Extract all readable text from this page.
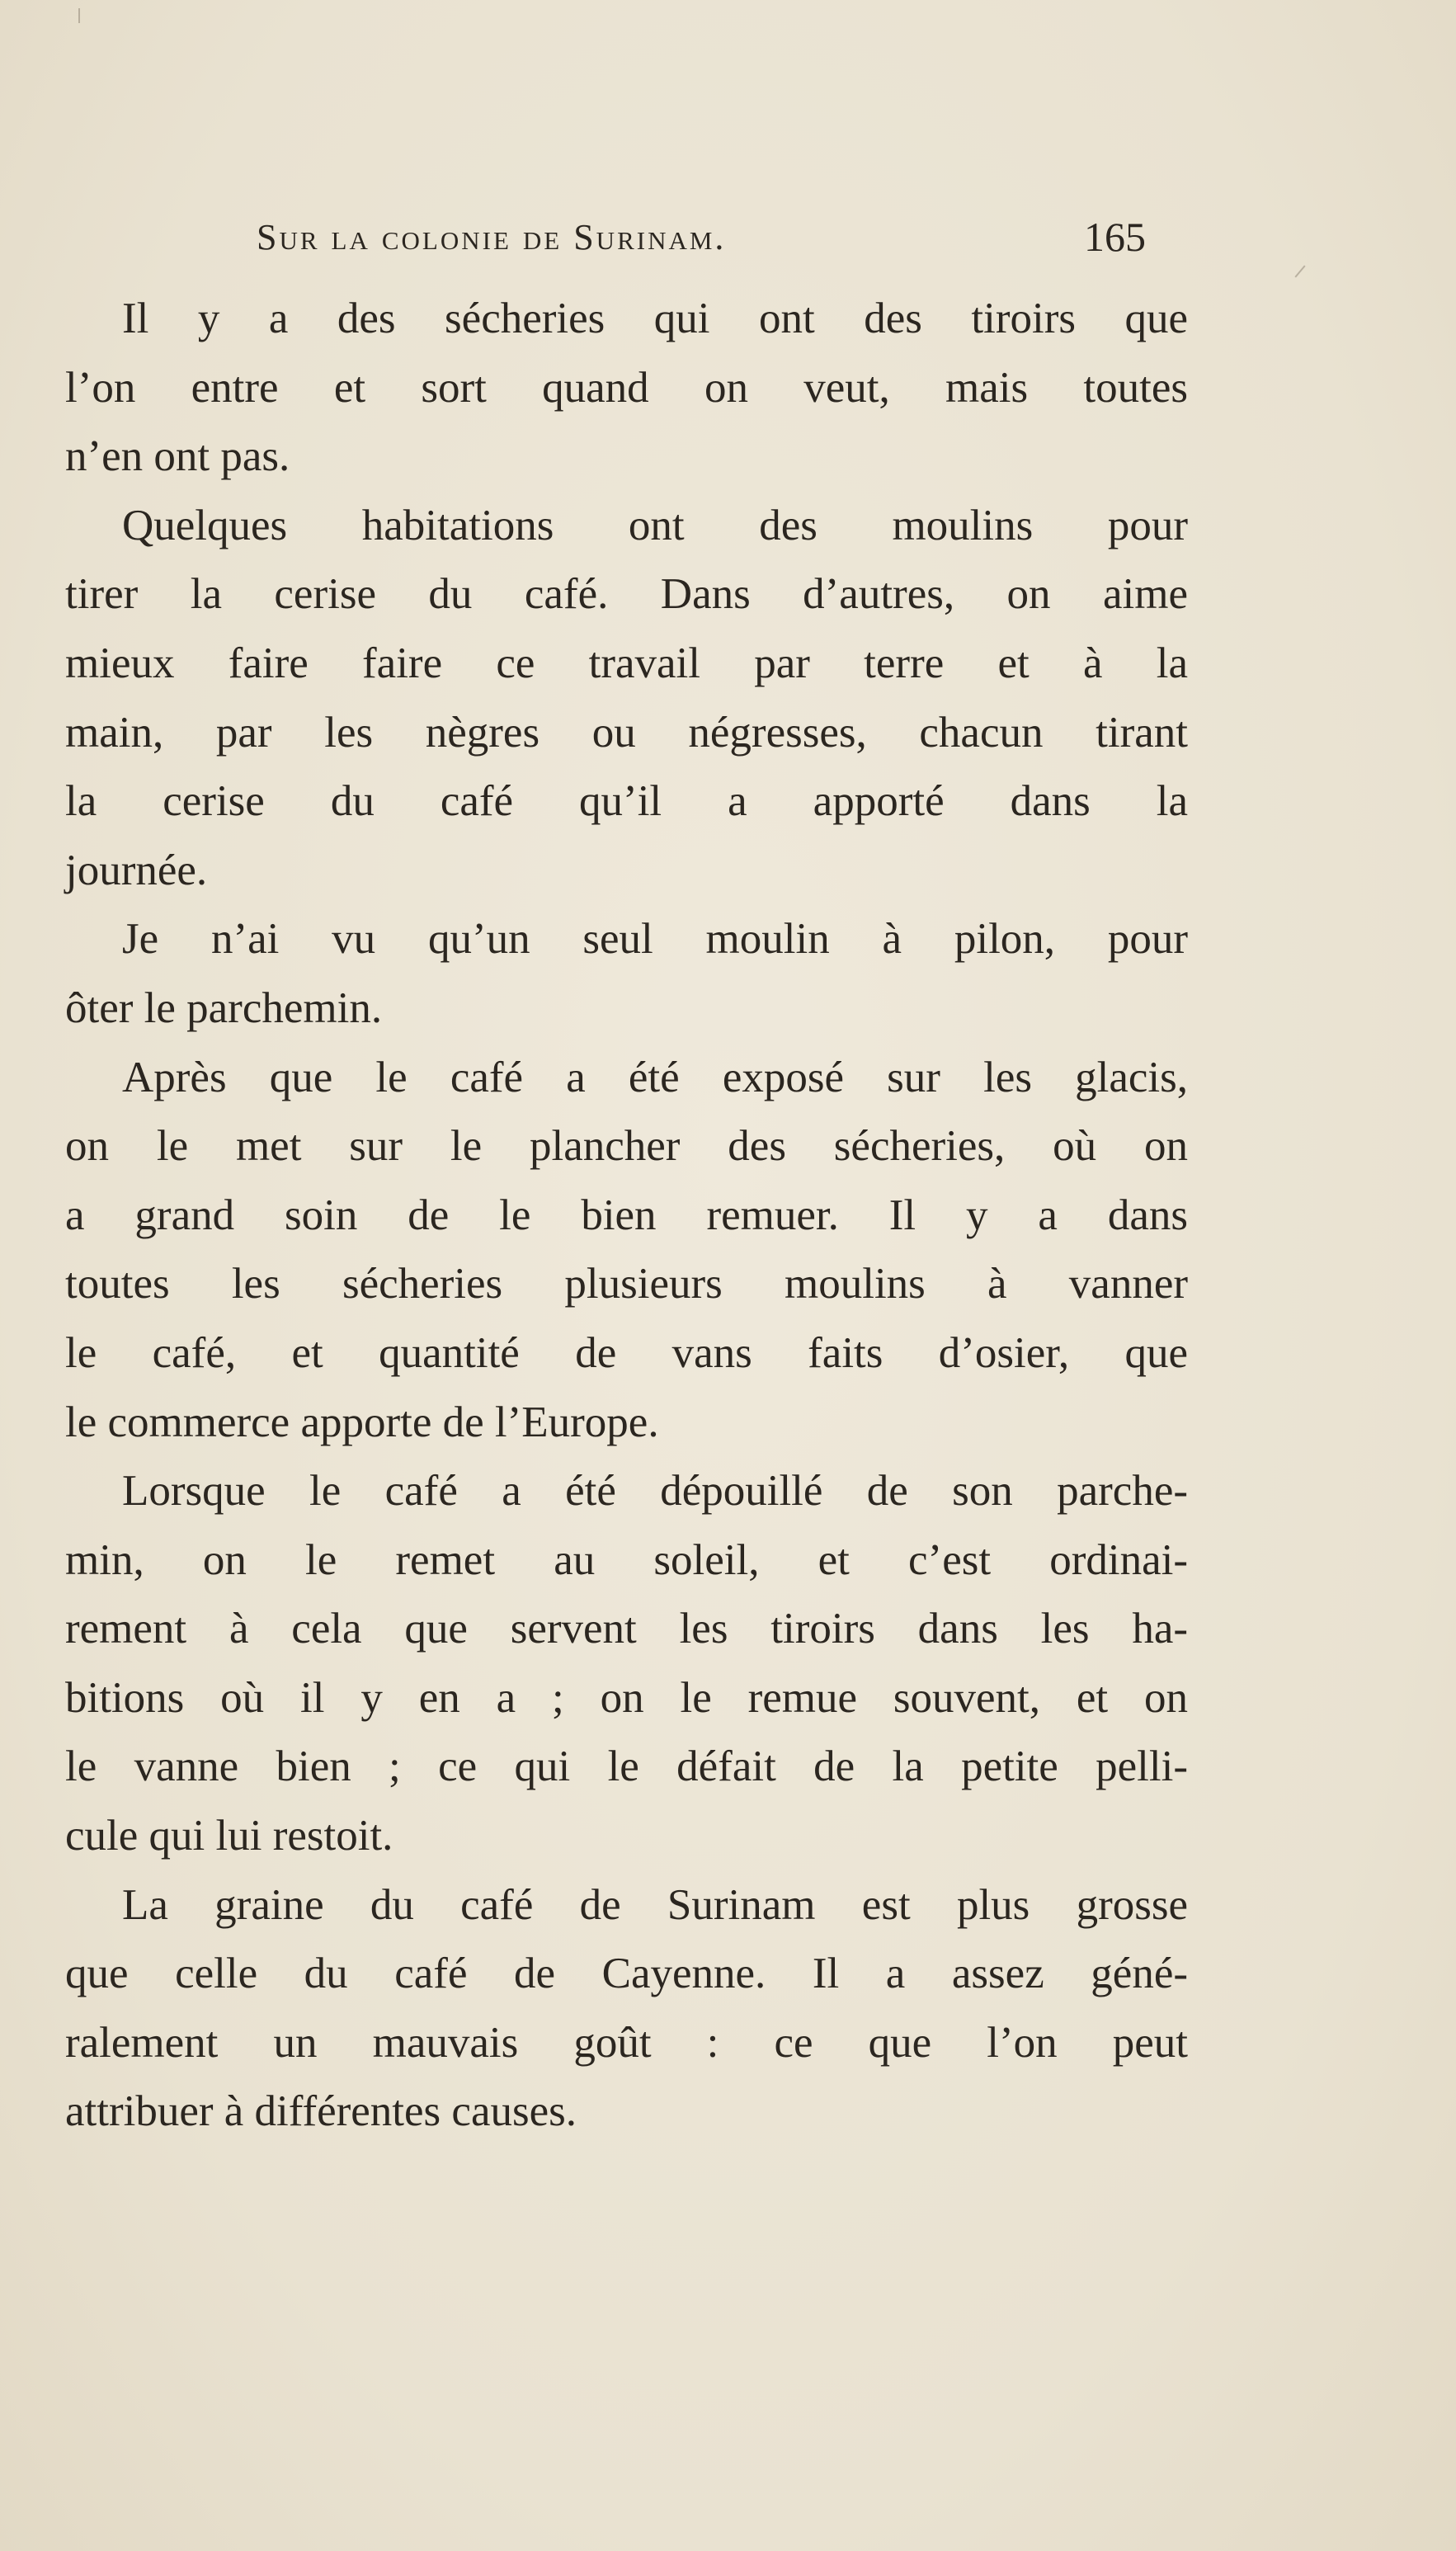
Sur la colonie de Surinam.	165
Il y a des sécheries qui ont des tiroirs que
l’on entre et sort quand on veut, mais toutes
n’en ont pas.
Quelques habitations ont des moulins pour
tirer la cerise du café. Dans d’autres, on aime
mieux faire faire ce travail par terre et à la
main, par les nègres ou négresses, chacun tirant
la cerise du café qu’il a apporté dans la
journée.
Je n’ai vu qu’un seul moulin à pilon, pour
ôter le parchemin.
Après que le café a été exposé sur les glacis,
on le met sur le plancher des sécheries, où on
a grand soin de le bien remuer. Il y a dans
toutes les sécheries plusieurs moulins à vanner
le café, et quantité de vans faits d’osier, que
le commerce apporte de l’Europe.
Lorsque le café a été dépouillé de son parche-
min, on le remet au soleil, et c’est ordinai-
rement à cela que servent les tiroirs dans les ha-
bitions où il y en a ; on le remue souvent, et on
le vanne bien ; ce qui le défait de la petite pelli-
cule qui lui restoit.
La graine du café de Surinam est plus grosse
que celle du café de Cayenne. Il a assez géné-
ralement un mauvais goût : ce que l’on peut
attribuer à différentes causes.
